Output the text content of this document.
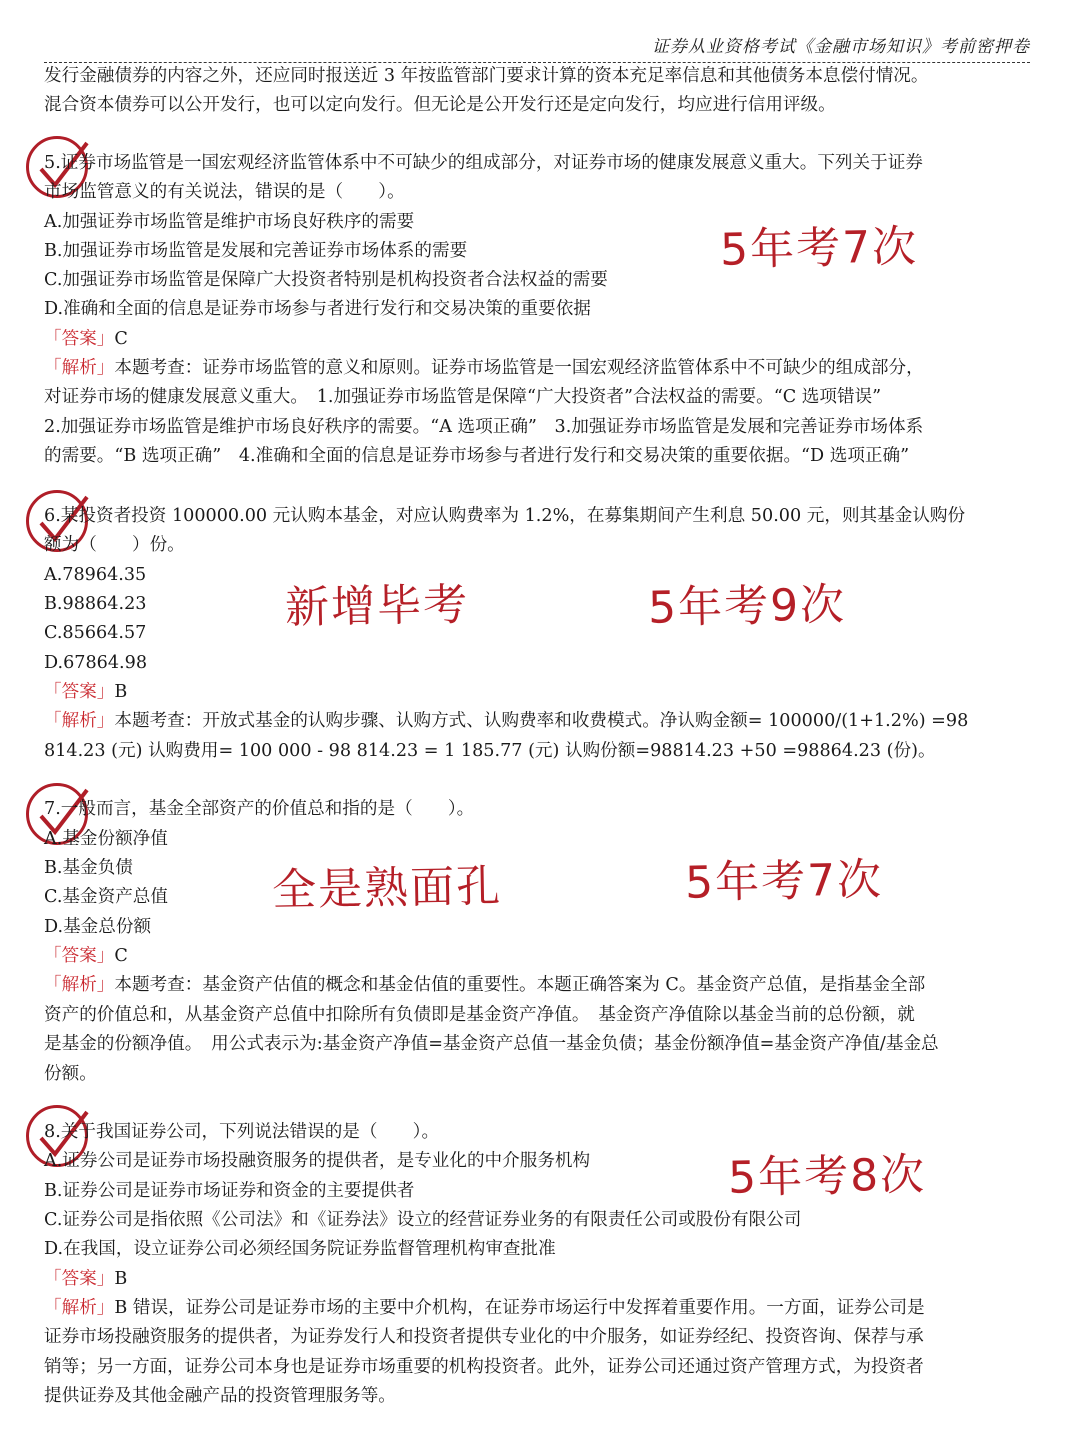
证券从业资格考试《金融市场知识》考前密押卷
发行金融债券的内容之外，还应同时报送近 3 年按监管部门要求计算的资本充足率信息和其他债务本息偿付情况。
混合资本债券可以公开发行，也可以定向发行。但无论是公开发行还是定向发行，均应进行信用评级。
5.证券市场监管是一国宏观经济监管体系中不可缺少的组成部分，对证券市场的健康发展意义重大。下列关于证券
市场监管意义的有关说法，错误的是（　　）。
A.加强证券市场监管是维护市场良好秩序的需要
B.加强证券市场监管是发展和完善证券市场体系的需要
C.加强证券市场监管是保障广大投资者特别是机构投资者合法权益的需要
D.准确和全面的信息是证券市场参与者进行发行和交易决策的重要依据
「答案」C
「解析」本题考查：证券市场监管的意义和原则。证券市场监管是一国宏观经济监管体系中不可缺少的组成部分，
对证券市场的健康发展意义重大。　1.加强证券市场监管是保障“广大投资者”合法权益的需要。“C 选项错误”
2.加强证券市场监管是维护市场良好秩序的需要。“A 选项正确”　3.加强证券市场监管是发展和完善证券市场体系
的需要。“B 选项正确”　4.准确和全面的信息是证券市场参与者进行发行和交易决策的重要依据。“D 选项正确”
5年考7次
6.某投资者投资 100000.00 元认购本基金，对应认购费率为 1.2%，在募集期间产生利息 50.00 元，则其基金认购份
额为（　　）份。
A.78964.35
B.98864.23
C.85664.57
D.67864.98
「答案」B
「解析」本题考查：开放式基金的认购步骤、认购方式、认购费率和收费模式。净认购金额= 100000/(1+1.2%) =98
814.23 (元) 认购费用= 100 000 - 98 814.23 = 1 185.77 (元) 认购份额=98814.23 +50 =98864.23 (份)。
新增毕考	5年考9次
7.一般而言，基金全部资产的价值总和指的是（　　）。
A.基金份额净值
B.基金负债
C.基金资产总值
D.基金总份额
「答案」C
「解析」本题考查：基金资产估值的概念和基金估值的重要性。本题正确答案为 C。基金资产总值，是指基金全部
资产的价值总和，从基金资产总值中扣除所有负债即是基金资产净值。　基金资产净值除以基金当前的总份额，就
是基金的份额净值。　用公式表示为:基金资产净值=基金资产总值一基金负债；基金份额净值=基金资产净值/基金总
份额。
全是熟面孔	5年考7次
8.关于我国证券公司，下列说法错误的是（　　）。
A.证券公司是证券市场投融资服务的提供者，是专业化的中介服务机构
B.证券公司是证券市场证券和资金的主要提供者
C.证券公司是指依照《公司法》和《证券法》设立的经营证券业务的有限责任公司或股份有限公司
D.在我国，设立证券公司必须经国务院证券监督管理机构审查批准
「答案」B
「解析」B 错误，证券公司是证券市场的主要中介机构，在证券市场运行中发挥着重要作用。一方面，证券公司是
证券市场投融资服务的提供者，为证券发行人和投资者提供专业化的中介服务，如证券经纪、投资咨询、保荐与承
销等；另一方面，证券公司本身也是证券市场重要的机构投资者。此外，证券公司还通过资产管理方式，为投资者
提供证券及其他金融产品的投资管理服务等。
5年考8次
